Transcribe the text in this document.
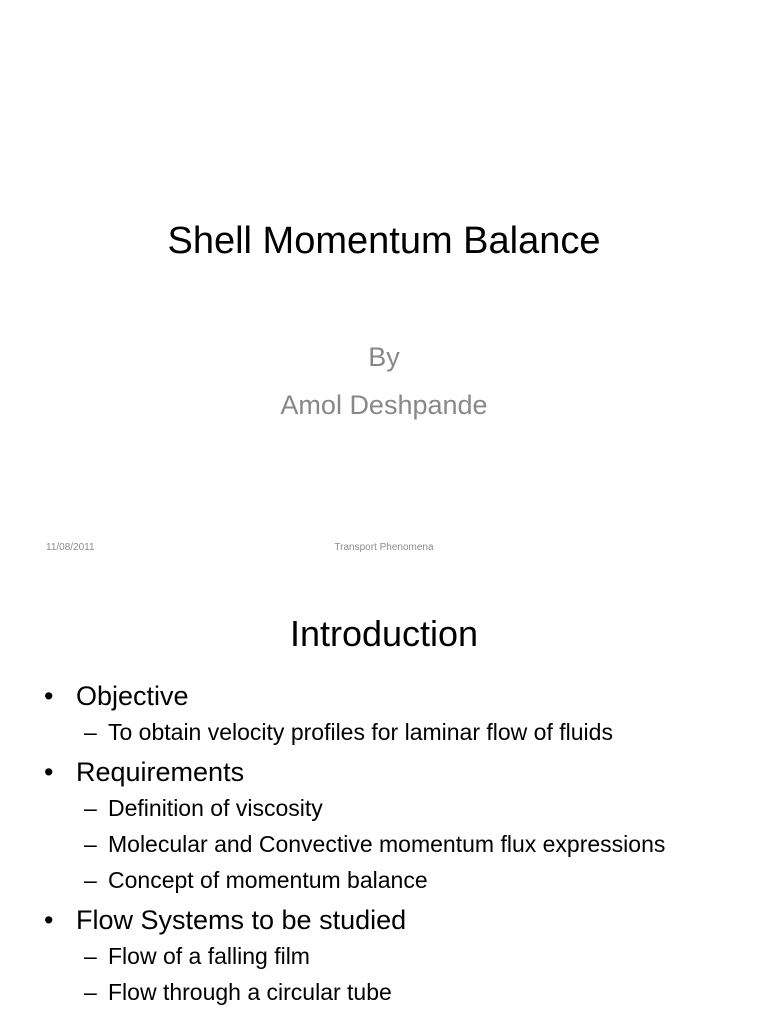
Shell Momentum Balance
By
Amol Deshpande
11/08/2011	Transport Phenomena
Introduction
• Objective
– To obtain velocity profiles for laminar flow of fluids
• Requirements
– Definition of viscosity
– Molecular and Convective momentum flux expressions
– Concept of momentum balance
• Flow Systems to be studied
– Flow of a falling film
– Flow through a circular tube
